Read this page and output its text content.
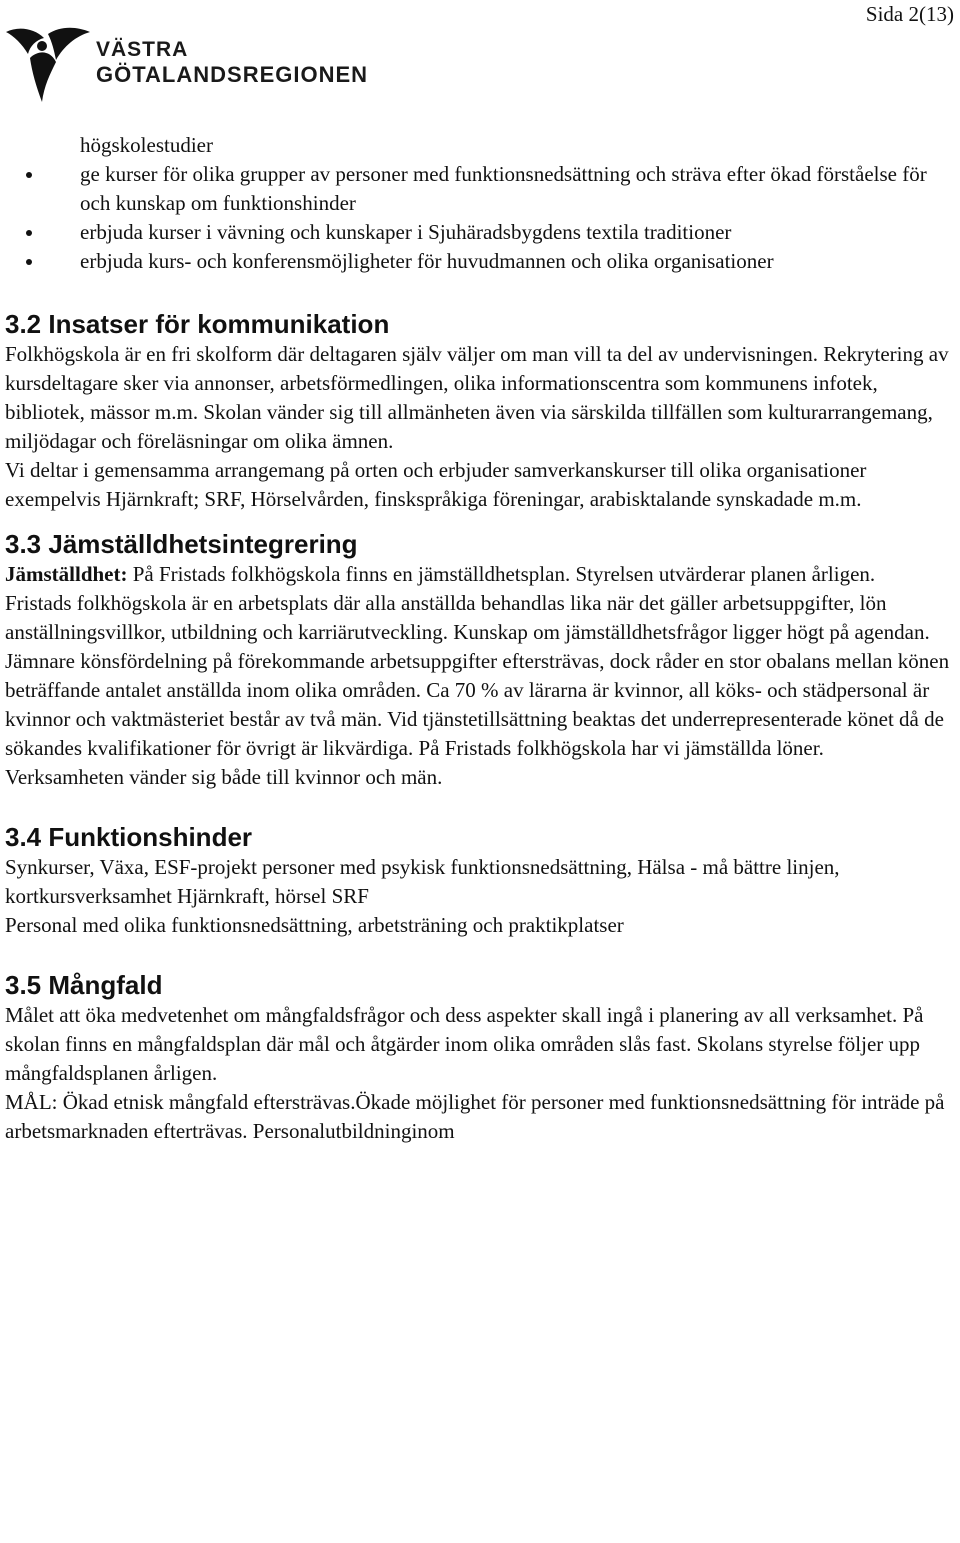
Sida 2(13)
VÄSTRA
GÖTALANDSREGIONEN

högskolestudier

ge kurser för olika grupper av personer med funktionsnedsättning och sträva efter ökad förståelse för och kunskap om funktionshinder
erbjuda kurser i vävning och kunskaper i Sjuhäradsbygdens textila traditioner
erbjuda kurs- och konferensmöjligheter för huvudmannen och olika organisationer
3.2 Insatser för kommunikation

Folkhögskola är en fri skolform där deltagaren själv väljer om man vill ta del av undervisningen. Rekrytering av kursdeltagare sker via annonser, arbetsförmedlingen, olika informationscentra som kommunens infotek, bibliotek, mässor m.m. Skolan vänder sig till allmänheten även via särskilda tillfällen som kulturarrangemang, miljödagar och föreläsningar om olika ämnen.

Vi deltar i gemensamma arrangemang på orten och erbjuder samverkanskurser till olika organisationer exempelvis Hjärnkraft; SRF, Hörselvården, finskspråkiga föreningar, arabisktalande synskadade m.m.

3.3 Jämställdhetsintegrering

Jämställdhet: På Fristads folkhögskola finns en jämställdhetsplan. Styrelsen utvärderar planen årligen.

Fristads folkhögskola är en arbetsplats där alla anställda behandlas lika när det gäller arbetsuppgifter, lön anställningsvillkor, utbildning och karriärutveckling. Kunskap om jämställdhetsfrågor ligger högt på agendan. Jämnare könsfördelning på förekommande arbetsuppgifter eftersträvas, dock råder en stor obalans mellan könen beträffande antalet anställda inom olika områden. Ca 70 % av lärarna är kvinnor, all köks- och städpersonal är kvinnor och vaktmästeriet består av två män. Vid tjänstetillsättning beaktas det underrepresenterade könet då de sökandes kvalifikationer för övrigt är likvärdiga. På Fristads folkhögskola har vi jämställda löner.

Verksamheten vänder sig både till kvinnor och män.

3.4 Funktionshinder

Synkurser, Växa, ESF-projekt personer med psykisk funktionsnedsättning, Hälsa - må bättre linjen, kortkursverksamhet Hjärnkraft, hörsel SRF

Personal med olika funktionsnedsättning, arbetsträning och praktikplatser

3.5 Mångfald

Målet att öka medvetenhet om mångfaldsfrågor och dess aspekter skall ingå i planering av all verksamhet. På skolan finns en mångfaldsplan där mål och åtgärder inom olika områden slås fast. Skolans styrelse följer upp mångfaldsplanen årligen.

MÅL: Ökad etnisk mångfald eftersträvas.Ökade möjlighet för personer med funktionsnedsättning för inträde på arbetsmarknaden efterträvas. Personalutbildninginom
